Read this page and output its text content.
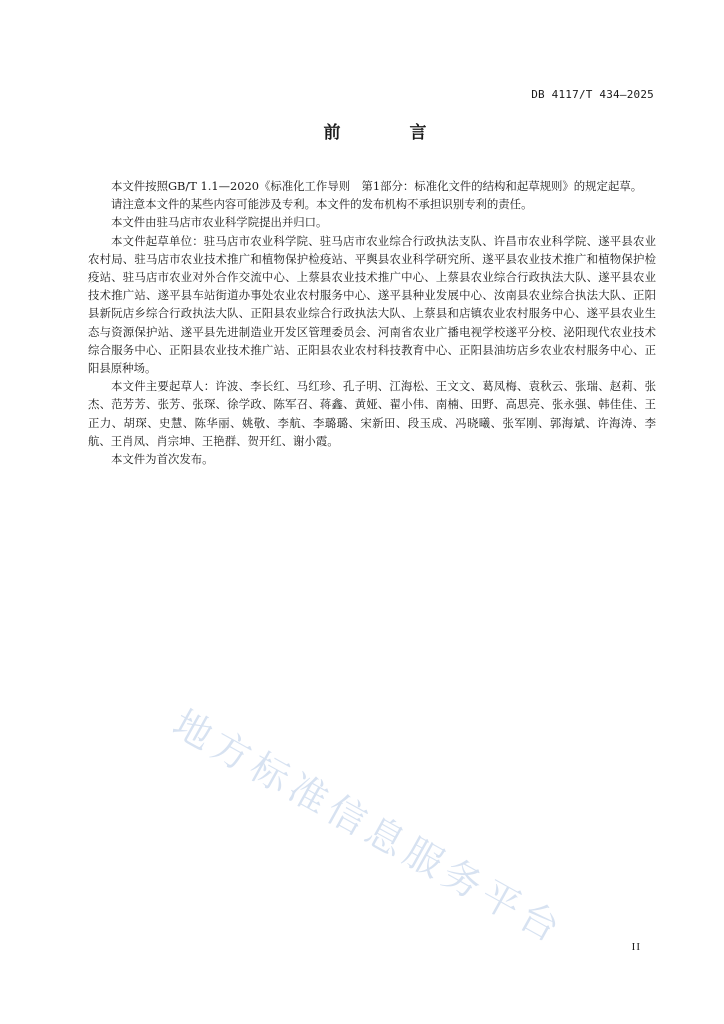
DB 4117/T 434—2025
前　言

本文件按照GB/T 1.1—2020《标准化工作导则　第1部分：标准化文件的结构和起草规则》的规定起草。

请注意本文件的某些内容可能涉及专利。本文件的发布机构不承担识别专利的责任。

本文件由驻马店市农业科学院提出并归口。

本文件起草单位：驻马店市农业科学院、驻马店市农业综合行政执法支队、许昌市农业科学院、遂平县农业农村局、驻马店市农业技术推广和植物保护检疫站、平舆县农业科学研究所、遂平县农业技术推广和植物保护检疫站、驻马店市农业对外合作交流中心、上蔡县农业技术推广中心、上蔡县农业综合行政执法大队、遂平县农业技术推广站、遂平县车站街道办事处农业农村服务中心、遂平县种业发展中心、汝南县农业综合执法大队、正阳县新阮店乡综合行政执法大队、正阳县农业综合行政执法大队、上蔡县和店镇农业农村服务中心、遂平县农业生态与资源保护站、遂平县先进制造业开发区管理委员会、河南省农业广播电视学校遂平分校、泌阳现代农业技术综合服务中心、正阳县农业技术推广站、正阳县农业农村科技教育中心、正阳县油坊店乡农业农村服务中心、正阳县原种场。

本文件主要起草人：许波、李长红、马红珍、孔子明、江海松、王文文、葛凤梅、袁秋云、张瑞、赵莉、张杰、范芳芳、张芳、张琛、徐学政、陈军召、蒋鑫、黄娅、翟小伟、南楠、田野、高思亮、张永强、韩佳佳、王正力、胡琛、史慧、陈华丽、姚敬、李航、李璐璐、宋新田、段玉成、冯晓曦、张军刚、郭海斌、许海涛、李航、王肖凤、肖宗坤、王艳群、贺开红、谢小霞。

本文件为首次发布。

地方标准信息服务平台	II
